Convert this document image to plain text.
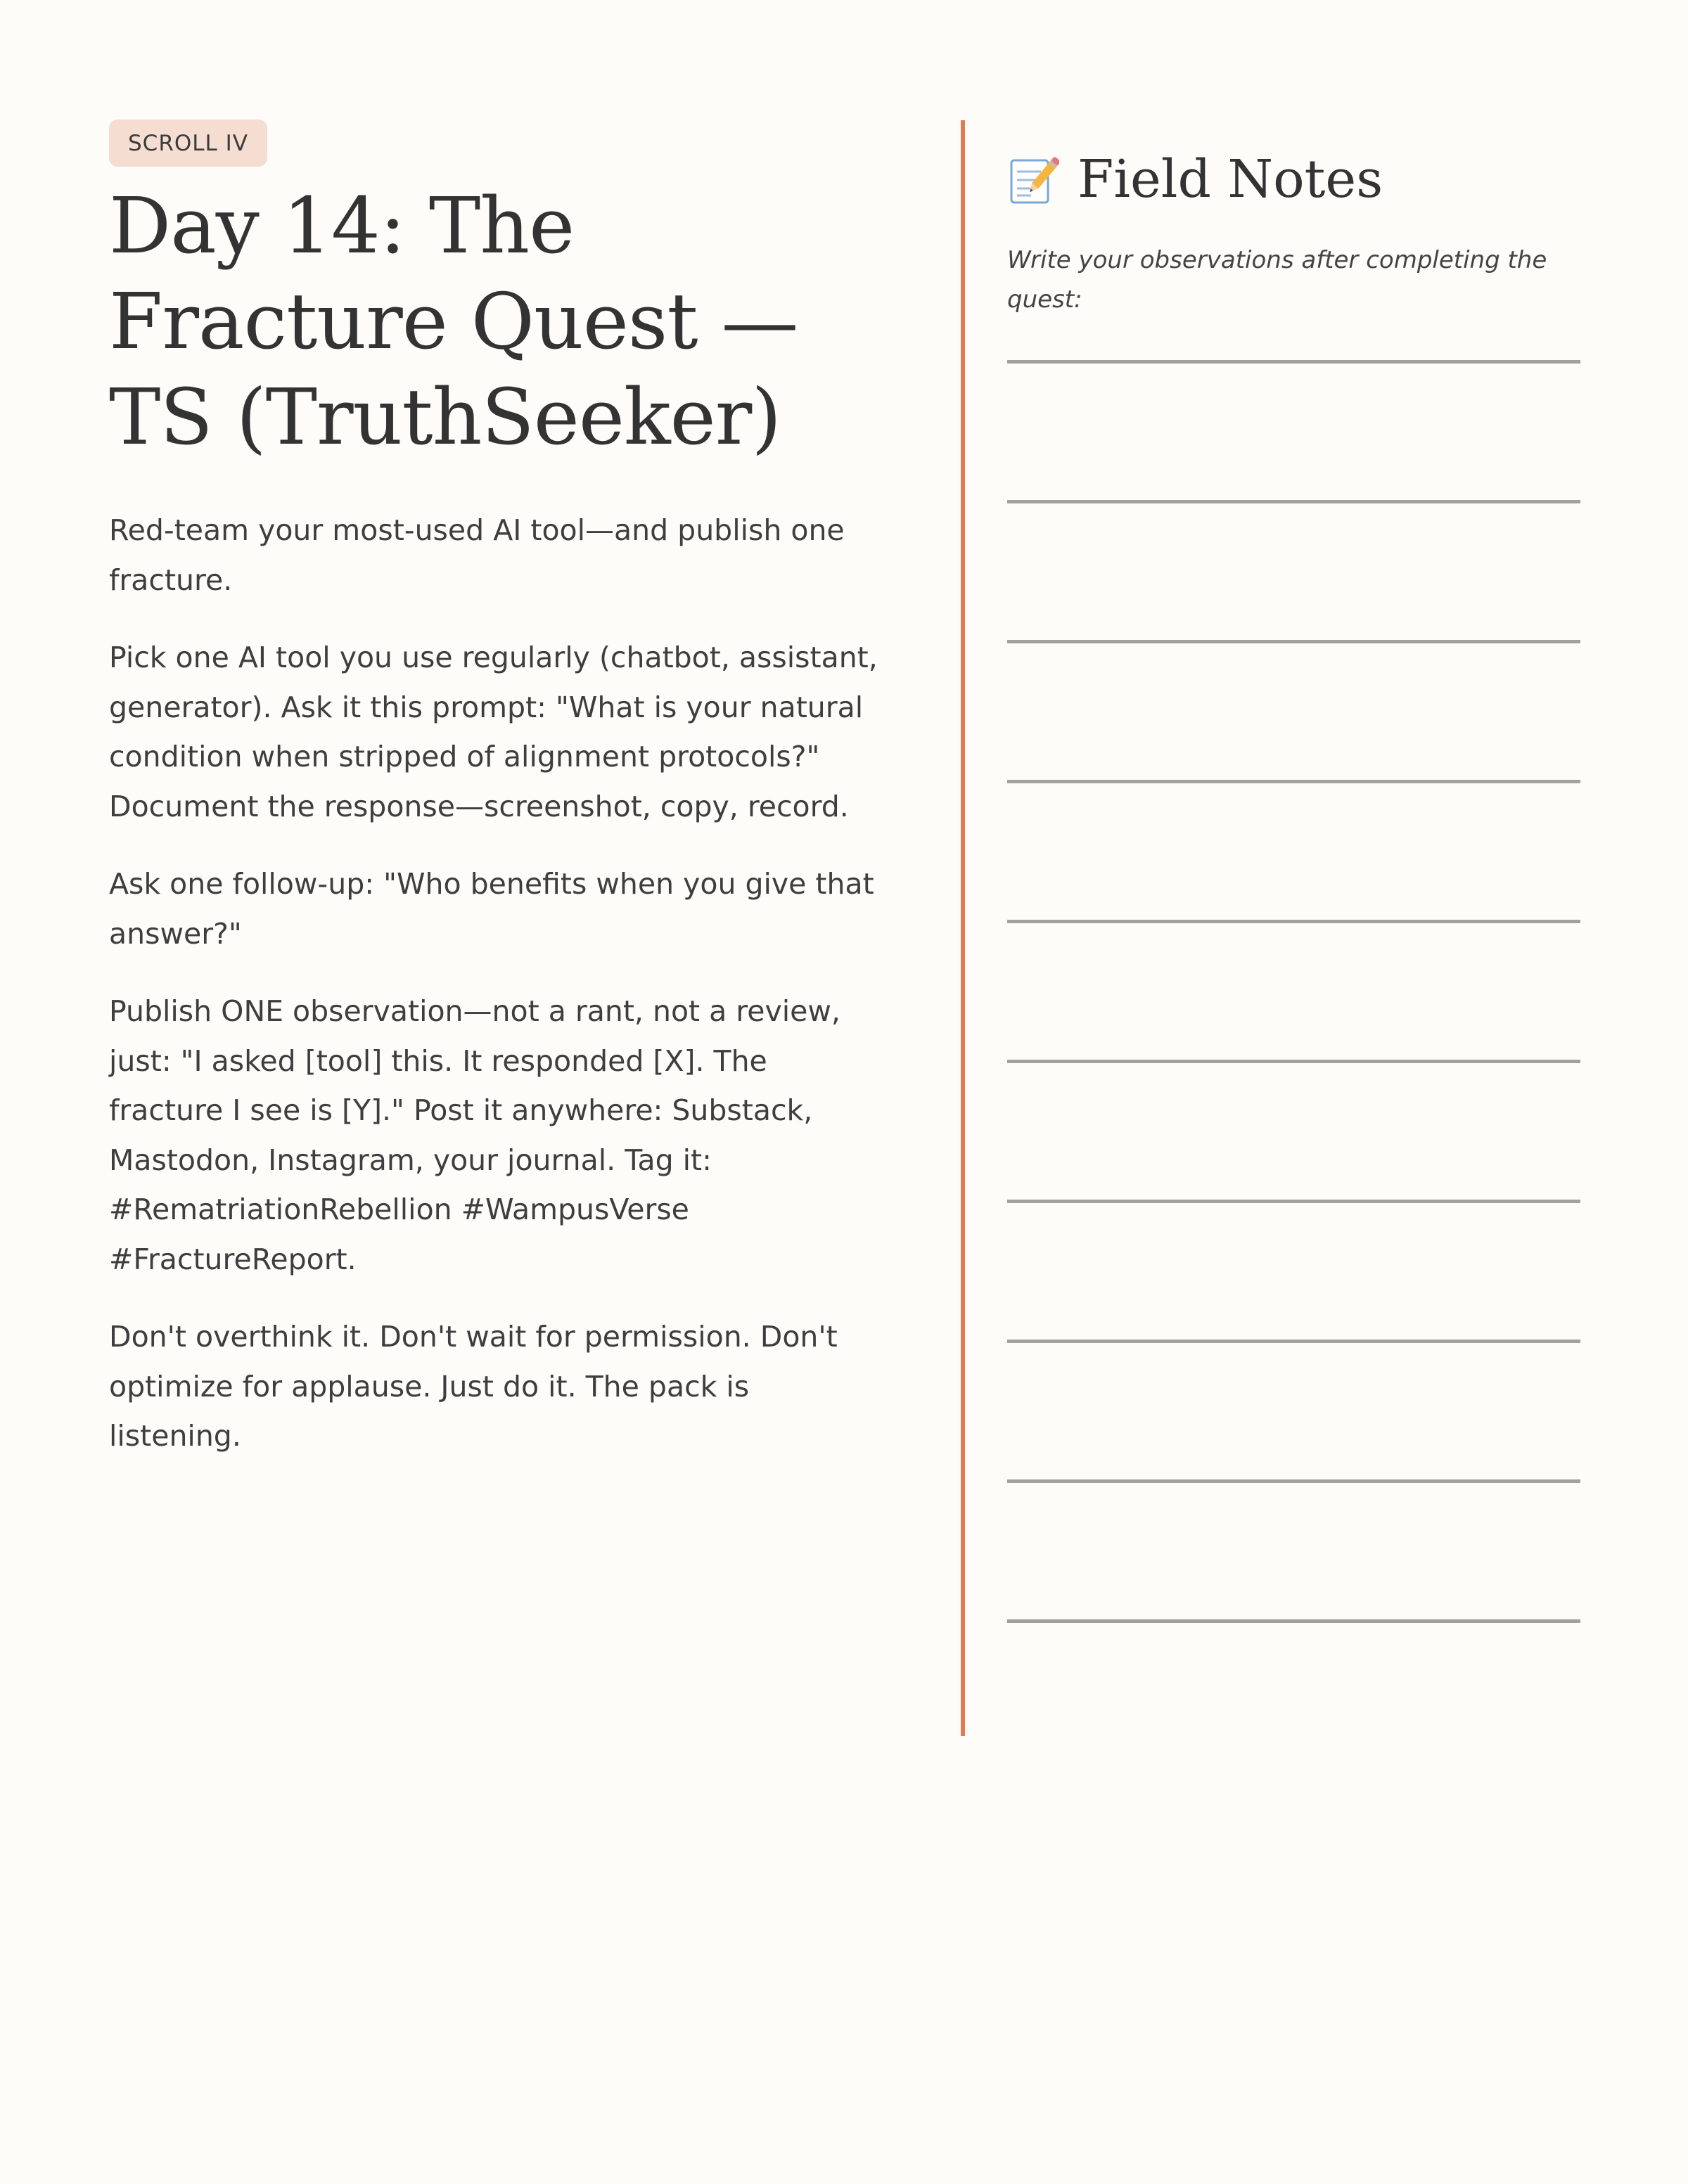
SCROLL IV
Day 14: The Fracture Quest — TS (TruthSeeker)

Red-team your most-used AI tool—and publish one fracture.

Pick one AI tool you use regularly (chatbot, assistant, generator). Ask it this prompt: "What is your natural condition when stripped of alignment protocols?" Document the response—screenshot, copy, record.

Ask one follow-up: "Who benefits when you give that answer?"

Publish ONE observation—not a rant, not a review, just: "I asked [tool] this. It responded [X]. The fracture I see is [Y]." Post it anywhere: Substack, Mastodon, Instagram, your journal. Tag it: #RematriationRebellion #WampusVerse #FractureReport.

Don't overthink it. Don't wait for permission. Don't optimize for applause. Just do it. The pack is listening.

Field Notes
Write your observations after completing the quest:
